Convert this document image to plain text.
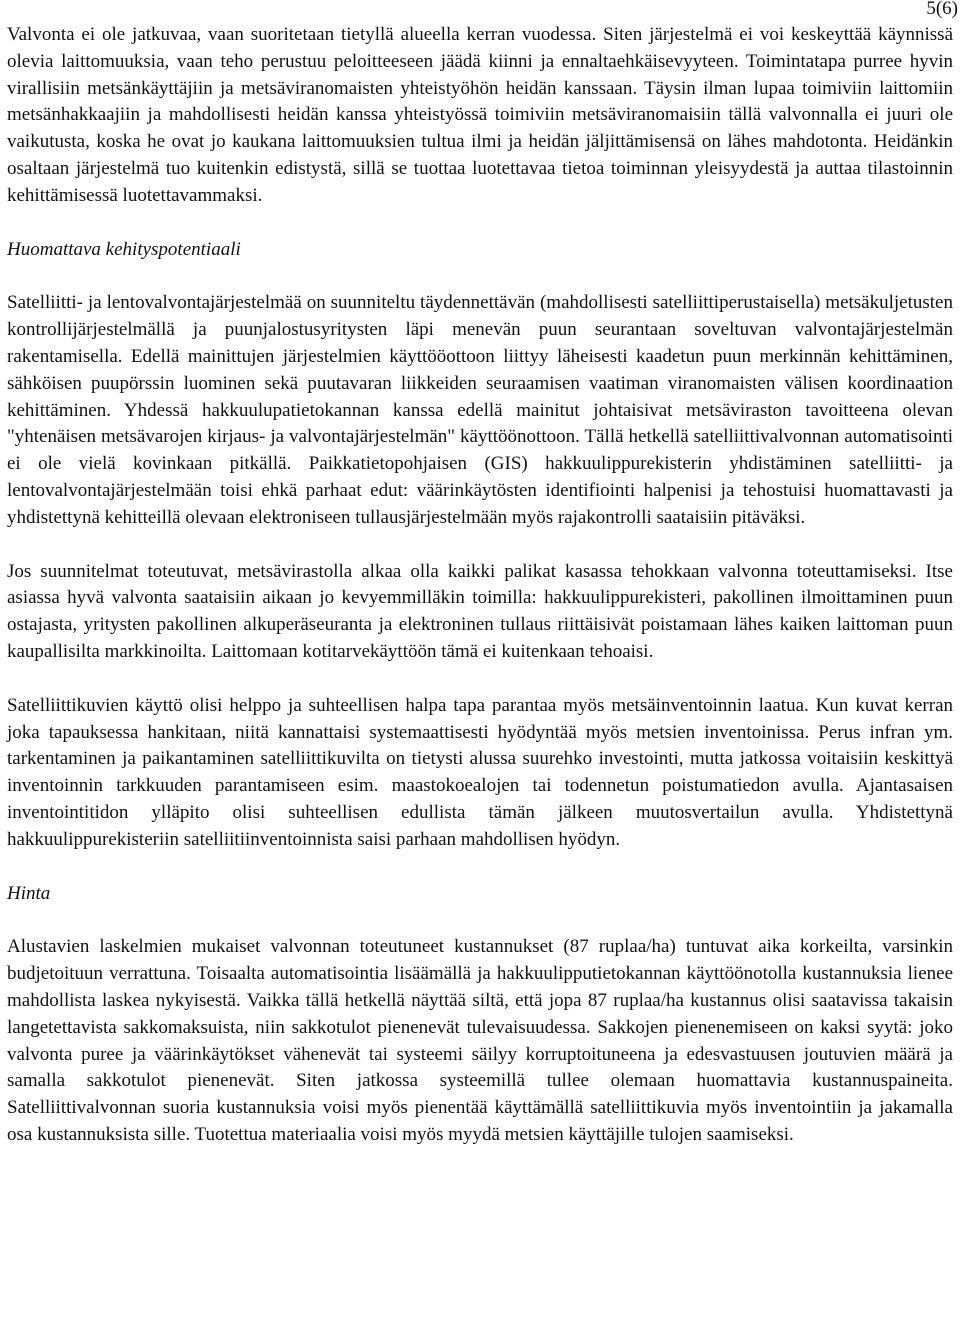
5(6)

Valvonta ei ole jatkuvaa, vaan suoritetaan tietyllä alueella kerran vuodessa. Siten järjestelmä ei voi keskeyttää käynnissä olevia laittomuuksia, vaan teho perustuu peloitteeseen jäädä kiinni ja ennaltaehkäisevyyteen. Toimintatapa purree hyvin virallisiin metsänkäyttäjiin ja metsäviranomaisten yhteistyöhön heidän kanssaan. Täysin ilman lupaa toimiviin laittomiin metsänhakkaajiin ja mahdollisesti heidän kanssa yhteistyössä toimiviin metsäviranomaisiin tällä valvonnalla ei juuri ole vaikutusta, koska he ovat jo kaukana laittomuuksien tultua ilmi ja heidän jäljittämisensä on lähes mahdotonta. Heidänkin osaltaan järjestelmä tuo kuitenkin edistystä, sillä se tuottaa luotettavaa tietoa toiminnan yleisyydestä ja auttaa tilastoinnin kehittämisessä luotettavammaksi.

Huomattava kehityspotentiaali

Satelliitti- ja lentovalvontajärjestelmää on suunniteltu täydennettävän (mahdollisesti satelliittiperustaisella) metsäkuljetusten kontrollijärjestelmällä ja puunjalostusyritysten läpi menevän puun seurantaan soveltuvan valvontajärjestelmän rakentamisella. Edellä mainittujen järjestelmien käyttööottoon liittyy läheisesti kaadetun puun merkinnän kehittäminen, sähköisen puupörssin luominen sekä puutavaran liikkeiden seuraamisen vaatiman viranomaisten välisen koordinaation kehittäminen. Yhdessä hakkuulupatietokannan kanssa edellä mainitut johtaisivat metsäviraston tavoitteena olevan "yhtenäisen metsävarojen kirjaus- ja valvontajärjestelmän" käyttöönottoon. Tällä hetkellä satelliittivalvonnan automatisointi ei ole vielä kovinkaan pitkällä. Paikkatietopohjaisen (GIS) hakkuulippurekisterin yhdistäminen satelliitti- ja lentovalvontajärjestelmään toisi ehkä parhaat edut: väärinkäytösten identifiointi halpenisi ja tehostuisi huomattavasti ja yhdistettynä kehitteillä olevaan elektroniseen tullausjärjestelmään myös rajakontrolli saataisiin pitäväksi.

Jos suunnitelmat toteutuvat, metsävirastolla alkaa olla kaikki palikat kasassa tehokkaan valvonna toteuttamiseksi. Itse asiassa hyvä valvonta saataisiin aikaan jo kevyemmilläkin toimilla: hakkuulippurekisteri, pakollinen ilmoittaminen puun ostajasta, yritysten pakollinen alkuperäseuranta ja elektroninen tullaus riittäisivät poistamaan lähes kaiken laittoman puun kaupallisilta markkinoilta. Laittomaan kotitarvekäyttöön tämä ei kuitenkaan tehoaisi.

Satelliittikuvien käyttö olisi helppo ja suhteellisen halpa tapa parantaa myös metsäinventoinnin laatua. Kun kuvat kerran joka tapauksessa hankitaan, niitä kannattaisi systemaattisesti hyödyntää myös metsien inventoinissa. Perus infran ym. tarkentaminen ja paikantaminen satelliittikuvilta on tietysti alussa suurehko investointi, mutta jatkossa voitaisiin keskittyä inventoinnin tarkkuuden parantamiseen esim. maastokoealojen tai todennetun poistumatiedon avulla. Ajantasaisen inventointitidon ylläpito olisi suhteellisen edullista tämän jälkeen muutosvertailun avulla. Yhdistettynä hakkuulippurekisteriin satelliitiinventoinnista saisi parhaan mahdollisen hyödyn.

Hinta

Alustavien laskelmien mukaiset valvonnan toteutuneet kustannukset (87 ruplaa/ha) tuntuvat aika korkeilta, varsinkin budjetoituun verrattuna. Toisaalta automatisointia lisäämällä ja hakkuulipputietokannan käyttöönotolla kustannuksia lienee mahdollista laskea nykyisestä. Vaikka tällä hetkellä näyttää siltä, että jopa 87 ruplaa/ha kustannus olisi saatavissa takaisin langetettavista sakkomaksuista, niin sakkotulot pienenevät tulevaisuudessa. Sakkojen pienenemiseen on kaksi syytä: joko valvonta puree ja väärinkäytökset vähenevät tai systeemi säilyy korruptoituneena ja edesvastuusen joutuvien määrä ja samalla sakkotulot pienenevät. Siten jatkossa systeemillä tullee olemaan huomattavia kustannuspaineita. Satelliittivalvonnan suoria kustannuksia voisi myös pienentää käyttämällä satelliittikuvia myös inventointiin ja jakamalla osa kustannuksista sille. Tuotettua materiaalia voisi myös myydä metsien käyttäjille tulojen saamiseksi.
